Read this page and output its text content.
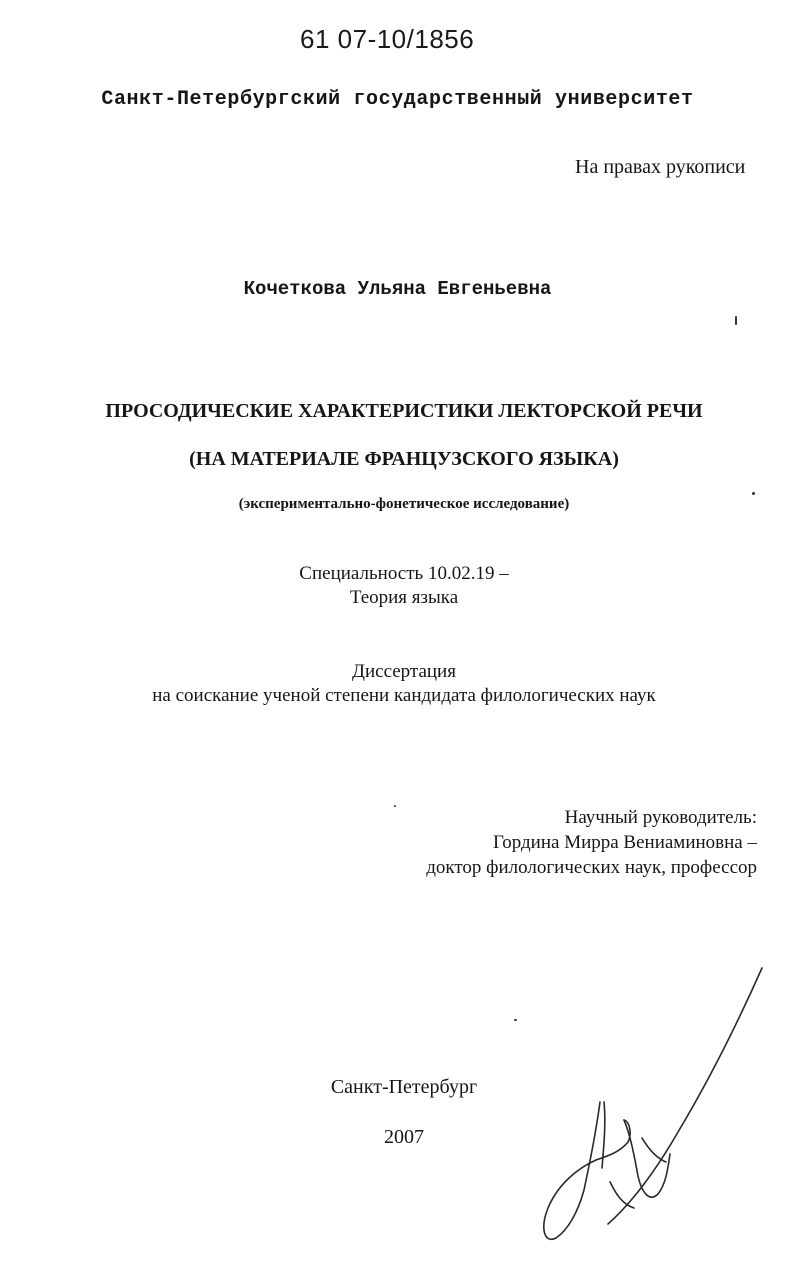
61 07-10/1856
Санкт-Петербургский государственный университет
На правах рукописи
Кочеткова Ульяна Евгеньевна
ПРОСОДИЧЕСКИЕ ХАРАКТЕРИСТИКИ ЛЕКТОРСКОЙ РЕЧИ
(НА МАТЕРИАЛЕ ФРАНЦУЗСКОГО ЯЗЫКА)
(экспериментально-фонетическое исследование)
Специальность 10.02.19 –
Теория языка
Диссертация
на соискание ученой степени кандидата филологических наук
Научный руководитель:
Гордина Мирра Вениаминовна –
доктор филологических наук, профессор
Санкт-Петербург
2007
